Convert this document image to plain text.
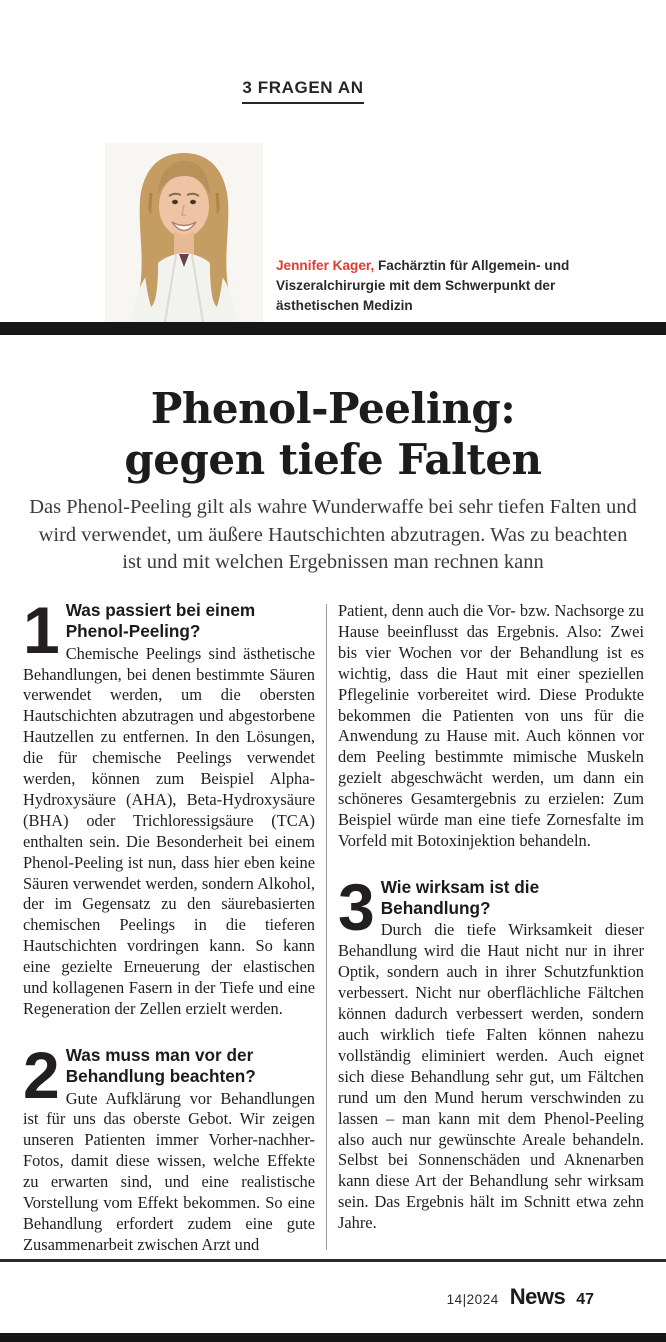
3 FRAGEN AN
Jennifer Kager, Fachärztin für Allgemein- und Viszeralchirurgie mit dem Schwerpunkt der ästhetischen Medizin
Phenol-Peeling:
gegen tiefe Falten
Das Phenol-Peeling gilt als wahre Wunderwaffe bei sehr tiefen Falten und wird verwendet, um äußere Hautschichten abzutragen. Was zu beachten ist und mit welchen Ergebnissen man rechnen kann
1 Was passiert bei einem Phenol-Peeling?

Chemische Peelings sind ästhetische Behandlungen, bei denen bestimmte Säuren verwendet werden, um die obersten Hautschichten abzutragen und abgestorbene Hautzellen zu entfernen. In den Lösungen, die für chemische Peelings verwendet werden, können zum Beispiel Alpha-Hydroxysäure (AHA), Beta-Hydroxysäure (BHA) oder Trichloressigsäure (TCA) enthalten sein. Die Besonderheit bei einem Phenol-Peeling ist nun, dass hier eben keine Säuren verwendet werden, sondern Alkohol, der im Gegensatz zu den säurebasierten chemischen Peelings in die tieferen Hautschichten vordringen kann. So kann eine gezielte Erneuerung der elastischen und kollagenen Fasern in der Tiefe und eine Regeneration der Zellen erzielt werden.

2 Was muss man vor der Behandlung beachten?

Gute Aufklärung vor Behandlungen ist für uns das oberste Gebot. Wir zeigen unseren Patienten immer Vorher-nachher-Fotos, damit diese wissen, welche Effekte zu erwarten sind, und eine realistische Vorstellung vom Effekt bekommen. So eine Behandlung erfordert zudem eine gute Zusammenarbeit zwischen Arzt und

Patient, denn auch die Vor- bzw. Nachsorge zu Hause beeinflusst das Ergebnis. Also: Zwei bis vier Wochen vor der Behandlung ist es wichtig, dass die Haut mit einer speziellen Pflegelinie vorbereitet wird. Diese Produkte bekommen die Patienten von uns für die Anwendung zu Hause mit. Auch können vor dem Peeling bestimmte mimische Muskeln gezielt abgeschwächt werden, um dann ein schöneres Gesamtergebnis zu erzielen: Zum Beispiel würde man eine tiefe Zornesfalte im Vorfeld mit Botoxinjektion behandeln.

3 Wie wirksam ist die Behandlung?

Durch die tiefe Wirksamkeit dieser Behandlung wird die Haut nicht nur in ihrer Optik, sondern auch in ihrer Schutzfunktion verbessert. Nicht nur oberflächliche Fältchen können dadurch verbessert werden, sondern auch wirklich tiefe Falten können nahezu vollständig eliminiert werden. Auch eignet sich diese Behandlung sehr gut, um Fältchen rund um den Mund herum verschwinden zu lassen – man kann mit dem Phenol-Peeling also auch nur gewünschte Areale behandeln. Selbst bei Sonnenschäden und Aknenarben kann diese Art der Behandlung sehr wirksam sein. Das Ergebnis hält im Schnitt etwa zehn Jahre.

14|2024 News 47
